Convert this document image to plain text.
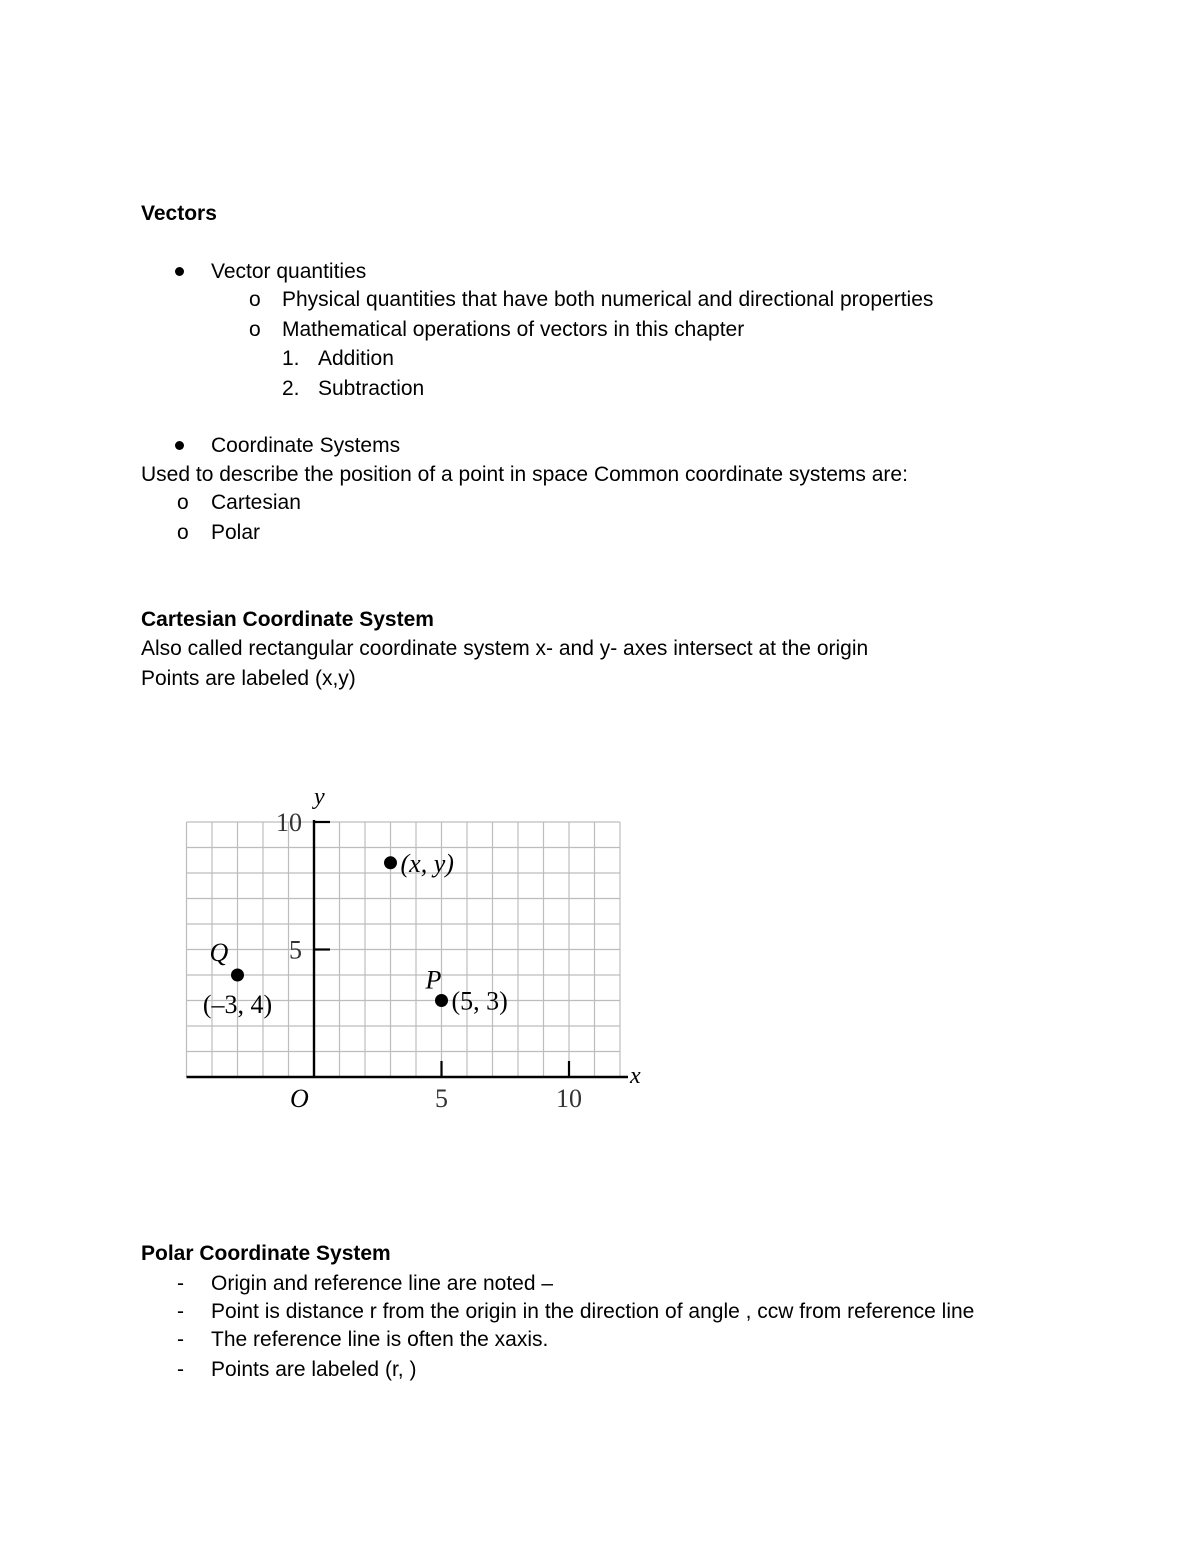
Vectors
Vector quantities
o Physical quantities that have both numerical and directional properties
o Mathematical operations of vectors in this chapter
1. Addition
2. Subtraction
Coordinate Systems
Used to describe the position of a point in space Common coordinate systems are:
o Cartesian
o Polar
Cartesian Coordinate System
Also called rectangular coordinate system x- and y- axes intersect at the origin
Points are labeled (x,y)
5
10
5	10
O
x
y
(x, y)
(5, 3)
P
(–3, 4)
Q
Polar Coordinate System
- Origin and reference line are noted –
- Point is distance r from the origin in the direction of angle , ccw from reference line
- The reference line is often the xaxis.
- Points are labeled (r, )
